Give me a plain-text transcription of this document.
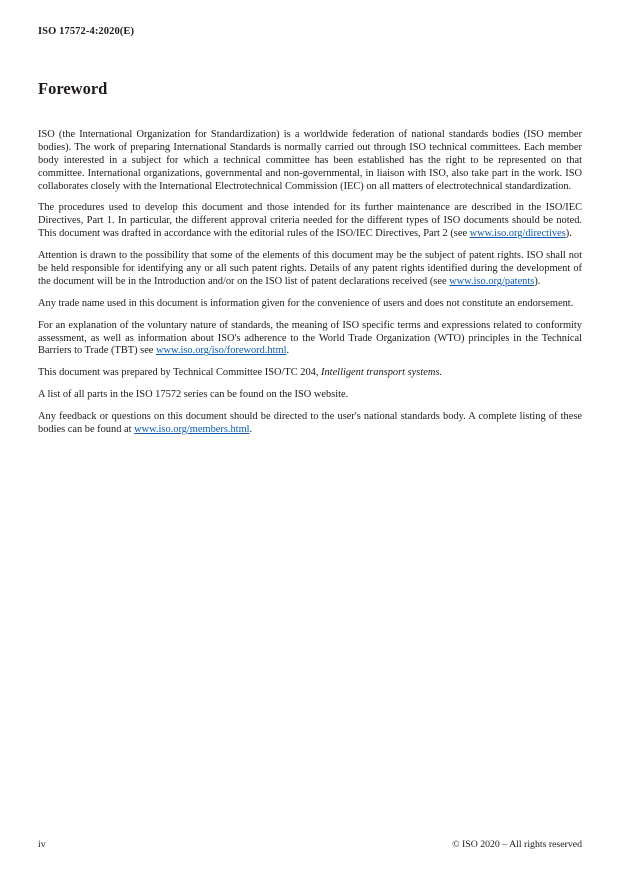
ISO 17572-4:2020(E)
Foreword

ISO (the International Organization for Standardization) is a worldwide federation of national standards bodies (ISO member bodies). The work of preparing International Standards is normally carried out through ISO technical committees. Each member body interested in a subject for which a technical committee has been established has the right to be represented on that committee. International organizations, governmental and non-governmental, in liaison with ISO, also take part in the work. ISO collaborates closely with the International Electrotechnical Commission (IEC) on all matters of electrotechnical standardization.

The procedures used to develop this document and those intended for its further maintenance are described in the ISO/IEC Directives, Part 1. In particular, the different approval criteria needed for the different types of ISO documents should be noted. This document was drafted in accordance with the editorial rules of the ISO/IEC Directives, Part 2 (see www.iso.org/directives).

Attention is drawn to the possibility that some of the elements of this document may be the subject of patent rights. ISO shall not be held responsible for identifying any or all such patent rights. Details of any patent rights identified during the development of the document will be in the Introduction and/or on the ISO list of patent declarations received (see www.iso.org/patents).

Any trade name used in this document is information given for the convenience of users and does not constitute an endorsement.

For an explanation of the voluntary nature of standards, the meaning of ISO specific terms and expressions related to conformity assessment, as well as information about ISO's adherence to the World Trade Organization (WTO) principles in the Technical Barriers to Trade (TBT) see www.iso.org/iso/foreword.html.

This document was prepared by Technical Committee ISO/TC 204, Intelligent transport systems.

A list of all parts in the ISO 17572 series can be found on the ISO website.

Any feedback or questions on this document should be directed to the user's national standards body. A complete listing of these bodies can be found at www.iso.org/members.html.

iv	© ISO 2020 – All rights reserved
